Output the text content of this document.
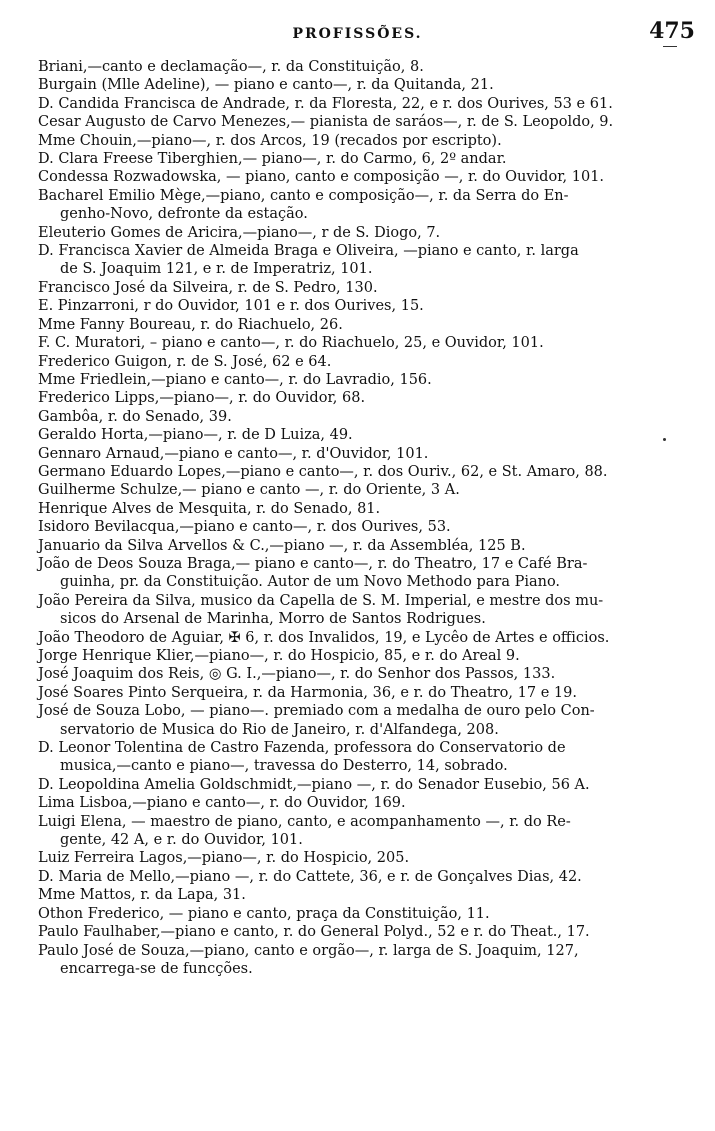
PROFISSÕES.	475
Briani,—canto e declamação—, r. da Constituição, 8.
Burgain (Mlle Adeline), — piano e canto—, r. da Quitanda, 21.
D. Candida Francisca de Andrade, r. da Floresta, 22, e r. dos Ourives, 53 e 61.
Cesar Augusto de Carvo Menezes,— pianista de saráos—, r. de S. Leopoldo, 9.
Mme Chouin,—piano—, r. dos Arcos, 19 (recados por escripto).
D. Clara Freese Tiberghien,— piano—, r. do Carmo, 6, 2º andar.
Condessa Rozwadowska, — piano, canto e composição —, r. do Ouvidor, 101.
Bacharel Emilio Mège,—piano, canto e composição—, r. da Serra do En-
genho-Novo, defronte da estação.
Eleuterio Gomes de Aricira,—piano—, r de S. Diogo, 7.
D. Francisca Xavier de Almeida Braga e Oliveira, —piano e canto, r. larga
de S. Joaquim 121, e r. de Imperatriz, 101.
Francisco José da Silveira, r. de S. Pedro, 130.
E. Pinzarroni, r do Ouvidor, 101 e r. dos Ourives, 15.
Mme Fanny Boureau, r. do Riachuelo, 26.
F. C. Muratori, – piano e canto—, r. do Riachuelo, 25, e Ouvidor, 101.
Frederico Guigon, r. de S. José, 62 e 64.
Mme Friedlein,—piano e canto—, r. do Lavradio, 156.
Frederico Lipps,—piano—, r. do Ouvidor, 68.
Gambôa, r. do Senado, 39.
Geraldo Horta,—piano—, r. de D Luiza, 49.
Gennaro Arnaud,—piano e canto—, r. d'Ouvidor, 101.
Germano Eduardo Lopes,—piano e canto—, r. dos Ouriv., 62, e St. Amaro, 88.
Guilherme Schulze,— piano e canto —, r. do Oriente, 3 A.
Henrique Alves de Mesquita, r. do Senado, 81.
Isidoro Bevilacqua,—piano e canto—, r. dos Ourives, 53.
Januario da Silva Arvellos & C.,—piano —, r. da Assembléa, 125 B.
João de Deos Souza Braga,— piano e canto—, r. do Theatro, 17 e Café Bra-
guinha, pr. da Constituição. Autor de um Novo Methodo para Piano.
João Pereira da Silva, musico da Capella de S. M. Imperial, e mestre dos mu-
sicos do Arsenal de Marinha, Morro de Santos Rodrigues.
João Theodoro de Aguiar, ✠ 6, r. dos Invalidos, 19, e Lycêo de Artes e officios.
Jorge Henrique Klier,—piano—, r. do Hospicio, 85, e r. do Areal 9.
José Joaquim dos Reis, ◎ G. I.,—piano—, r. do Senhor dos Passos, 133.
José Soares Pinto Serqueira, r. da Harmonia, 36, e r. do Theatro, 17 e 19.
José de Souza Lobo, — piano—. premiado com a medalha de ouro pelo Con-
servatorio de Musica do Rio de Janeiro, r. d'Alfandega, 208.
D. Leonor Tolentina de Castro Fazenda, professora do Conservatorio de
musica,—canto e piano—, travessa do Desterro, 14, sobrado.
D. Leopoldina Amelia Goldschmidt,—piano —, r. do Senador Eusebio, 56 A.
Lima Lisboa,—piano e canto—, r. do Ouvidor, 169.
Luigi Elena, — maestro de piano, canto, e acompanhamento —, r. do Re-
gente, 42 A, e r. do Ouvidor, 101.
Luiz Ferreira Lagos,—piano—, r. do Hospicio, 205.
D. Maria de Mello,—piano —, r. do Cattete, 36, e r. de Gonçalves Dias, 42.
Mme Mattos, r. da Lapa, 31.
Othon Frederico, — piano e canto, praça da Constituição, 11.
Paulo Faulhaber,—piano e canto, r. do General Polyd., 52 e r. do Theat., 17.
Paulo José de Souza,—piano, canto e orgão—, r. larga de S. Joaquim, 127,
encarrega-se de funcções.
